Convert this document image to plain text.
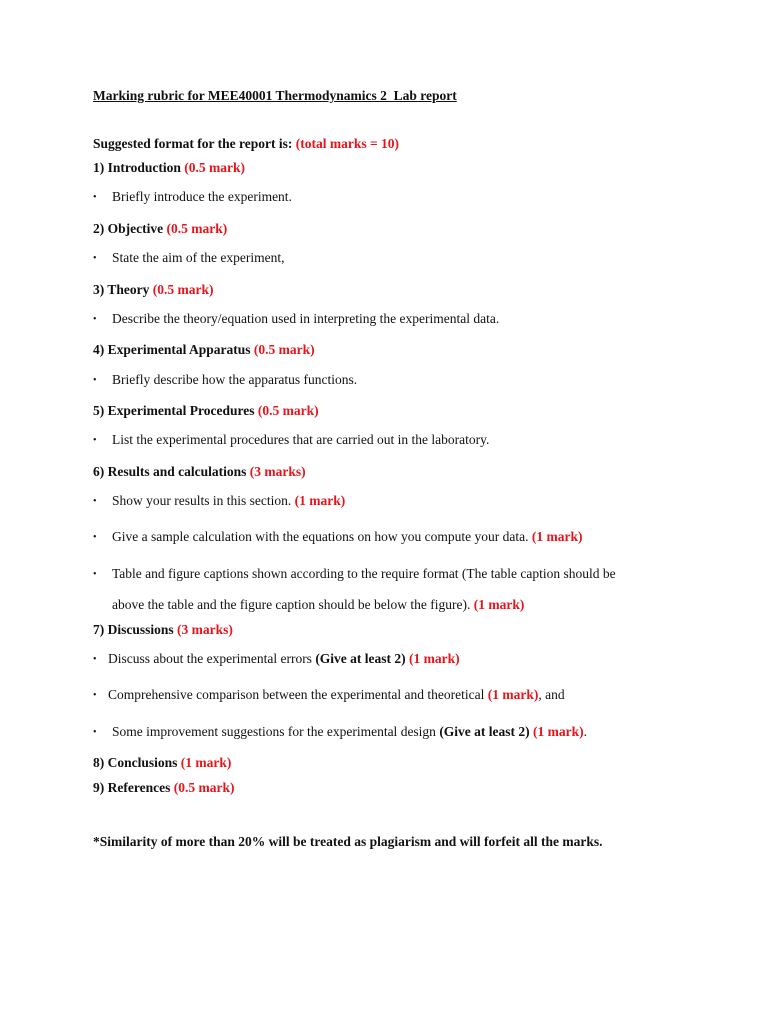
Marking rubric for MEE40001 Thermodynamics 2_Lab report
Suggested format for the report is: (total marks = 10)
1) Introduction (0.5 mark)
• Briefly introduce the experiment.
2) Objective (0.5 mark)
• State the aim of the experiment,
3) Theory (0.5 mark)
• Describe the theory/equation used in interpreting the experimental data.
4) Experimental Apparatus (0.5 mark)
• Briefly describe how the apparatus functions.
5) Experimental Procedures (0.5 mark)
• List the experimental procedures that are carried out in the laboratory.
6) Results and calculations (3 marks)
• Show your results in this section. (1 mark)
• Give a sample calculation with the equations on how you compute your data. (1 mark)
• Table and figure captions shown according to the require format (The table caption should be
above the table and the figure caption should be below the figure). (1 mark)
7) Discussions (3 marks)
• Discuss about the experimental errors (Give at least 2) (1 mark)
• Comprehensive comparison between the experimental and theoretical (1 mark), and
• Some improvement suggestions for the experimental design (Give at least 2) (1 mark).
8) Conclusions (1 mark)
9) References (0.5 mark)
*Similarity of more than 20% will be treated as plagiarism and will forfeit all the marks.
